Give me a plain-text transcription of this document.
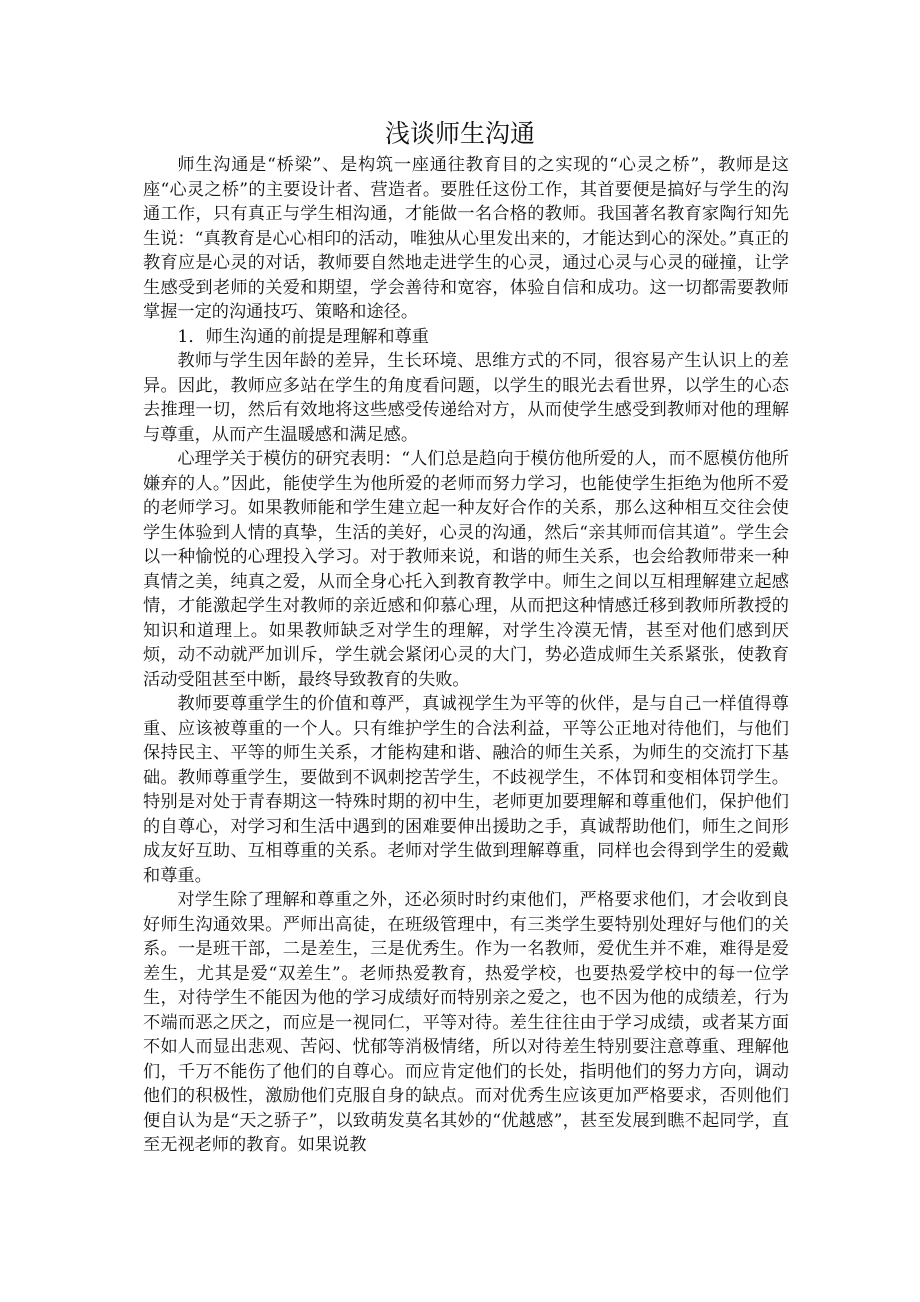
浅谈师生沟通

师生沟通是“桥梁”、是构筑一座通往教育目的之实现的“心灵之桥”，教师是这座“心灵之桥”的主要设计者、营造者。要胜任这份工作，其首要便是搞好与学生的沟通工作，只有真正与学生相沟通，才能做一名合格的教师。我国著名教育家陶行知先生说：“真教育是心心相印的活动，唯独从心里发出来的，才能达到心的深处。”真正的教育应是心灵的对话，教师要自然地走进学生的心灵，通过心灵与心灵的碰撞，让学生感受到老师的关爱和期望，学会善待和宽容，体验自信和成功。这一切都需要教师掌握一定的沟通技巧、策略和途径。

1．师生沟通的前提是理解和尊重

教师与学生因年龄的差异，生长环境、思维方式的不同，很容易产生认识上的差异。因此，教师应多站在学生的角度看问题，以学生的眼光去看世界，以学生的心态去推理一切，然后有效地将这些感受传递给对方，从而使学生感受到教师对他的理解与尊重，从而产生温暖感和满足感。

心理学关于模仿的研究表明：“人们总是趋向于模仿他所爱的人，而不愿模仿他所嫌弃的人。”因此，能使学生为他所爱的老师而努力学习，也能使学生拒绝为他所不爱的老师学习。如果教师能和学生建立起一种友好合作的关系，那么这种相互交往会使学生体验到人情的真挚，生活的美好，心灵的沟通，然后“亲其师而信其道”。学生会以一种愉悦的心理投入学习。对于教师来说，和谐的师生关系，也会给教师带来一种真情之美，纯真之爱，从而全身心托入到教育教学中。师生之间以互相理解建立起感情，才能激起学生对教师的亲近感和仰慕心理，从而把这种情感迁移到教师所教授的知识和道理上。如果教师缺乏对学生的理解，对学生冷漠无情，甚至对他们感到厌烦，动不动就严加训斥，学生就会紧闭心灵的大门，势必造成师生关系紧张，使教育活动受阻甚至中断，最终导致教育的失败。

教师要尊重学生的价值和尊严，真诚视学生为平等的伙伴，是与自己一样值得尊重、应该被尊重的一个人。只有维护学生的合法利益，平等公正地对待他们，与他们保持民主、平等的师生关系，才能构建和谐、融洽的师生关系，为师生的交流打下基础。教师尊重学生，要做到不讽刺挖苦学生，不歧视学生，不体罚和变相体罚学生。特别是对处于青春期这一特殊时期的初中生，老师更加要理解和尊重他们，保护他们的自尊心，对学习和生活中遇到的困难要伸出援助之手，真诚帮助他们，师生之间形成友好互助、互相尊重的关系。老师对学生做到理解尊重，同样也会得到学生的爱戴和尊重。

对学生除了理解和尊重之外，还必须时时约束他们，严格要求他们，才会收到良好师生沟通效果。严师出高徒，在班级管理中，有三类学生要特别处理好与他们的关系。一是班干部，二是差生，三是优秀生。作为一名教师，爱优生并不难，难得是爱差生，尤其是爱“双差生”。老师热爱教育，热爱学校，也要热爱学校中的每一位学生，对待学生不能因为他的学习成绩好而特别亲之爱之，也不因为他的成绩差，行为不端而恶之厌之，而应是一视同仁，平等对待。差生往往由于学习成绩，或者某方面不如人而显出悲观、苦闷、忧郁等消极情绪，所以对待差生特别要注意尊重、理解他们，千万不能伤了他们的自尊心。而应肯定他们的长处，指明他们的努力方向，调动他们的积极性，激励他们克服自身的缺点。而对优秀生应该更加严格要求，否则他们便自认为是“天之骄子”，以致萌发莫名其妙的“优越感”，甚至发展到瞧不起同学，直至无视老师的教育。如果说教
